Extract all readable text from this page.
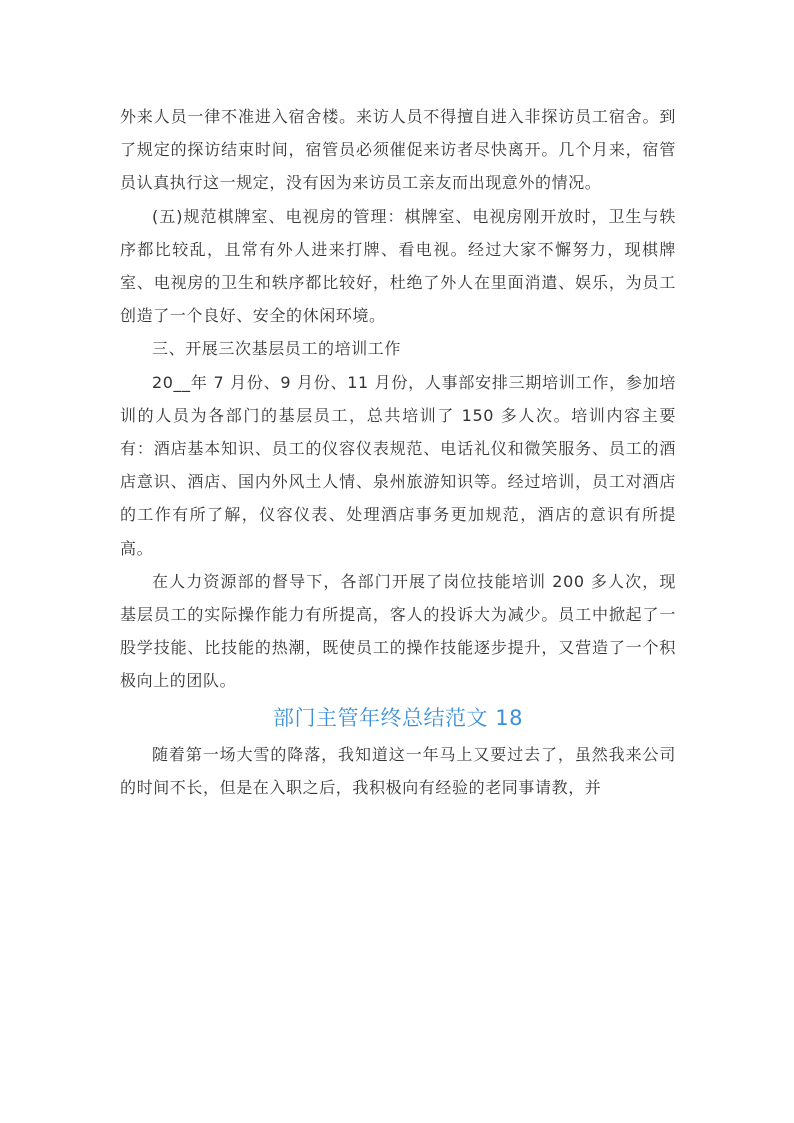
外来人员一律不准进入宿舍楼。来访人员不得擅自进入非探访员工宿舍。到了规定的探访结束时间，宿管员必须催促来访者尽快离开。几个月来，宿管员认真执行这一规定，没有因为来访员工亲友而出现意外的情况。

(五)规范棋牌室、电视房的管理：棋牌室、电视房刚开放时，卫生与轶序都比较乱，且常有外人进来打牌、看电视。经过大家不懈努力，现棋牌室、电视房的卫生和轶序都比较好，杜绝了外人在里面消遣、娱乐，为员工创造了一个良好、安全的休闲环境。

三、开展三次基层员工的培训工作

20__年 7 月份、9 月份、11 月份，人事部安排三期培训工作，参加培训的人员为各部门的基层员工，总共培训了 150 多人次。培训内容主要有：酒店基本知识、员工的仪容仪表规范、电话礼仪和微笑服务、员工的酒店意识、酒店、国内外风土人情、泉州旅游知识等。经过培训，员工对酒店的工作有所了解，仪容仪表、处理酒店事务更加规范，酒店的意识有所提高。

在人力资源部的督导下，各部门开展了岗位技能培训 200 多人次，现基层员工的实际操作能力有所提高，客人的投诉大为减少。员工中掀起了一股学技能、比技能的热潮，既使员工的操作技能逐步提升，又营造了一个积极向上的团队。

部门主管年终总结范文 18

随着第一场大雪的降落，我知道这一年马上又要过去了，虽然我来公司的时间不长，但是在入职之后，我积极向有经验的老同事请教，并
